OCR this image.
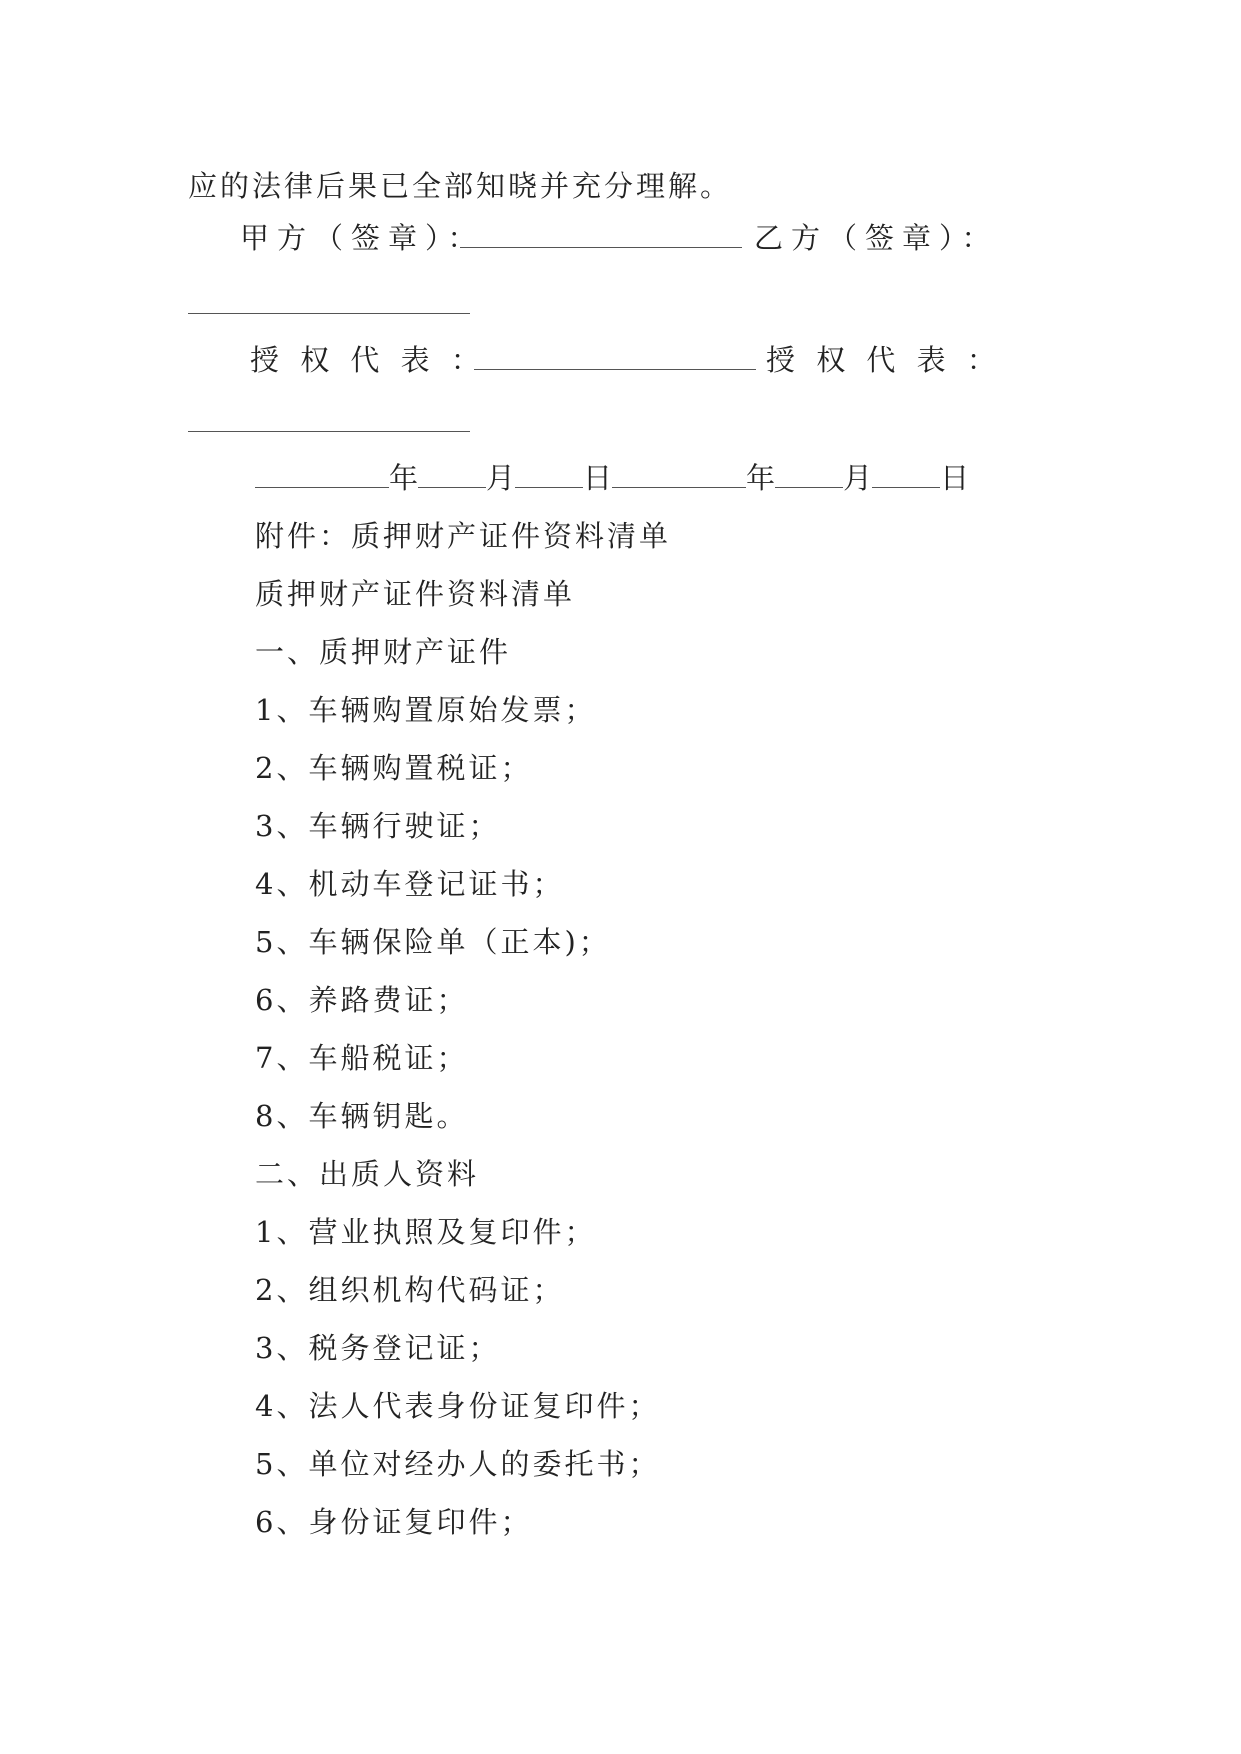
应的法律后果已全部知晓并充分理解。
甲方（签章）：	乙方（签章）：
授 权 代 表 ：	授 权 代 表 ：
年 月 日	年 月 日
附件：质押财产证件资料清单
质押财产证件资料清单
一、质押财产证件
1、车辆购置原始发票；
2、车辆购置税证；
3、车辆行驶证；
4、机动车登记证书；
5、车辆保险单（正本)；
6、养路费证；
7、车船税证；
8、车辆钥匙。
二、出质人资料
1、营业执照及复印件；
2、组织机构代码证；
3、税务登记证；
4、法人代表身份证复印件；
5、单位对经办人的委托书；
6、身份证复印件；
